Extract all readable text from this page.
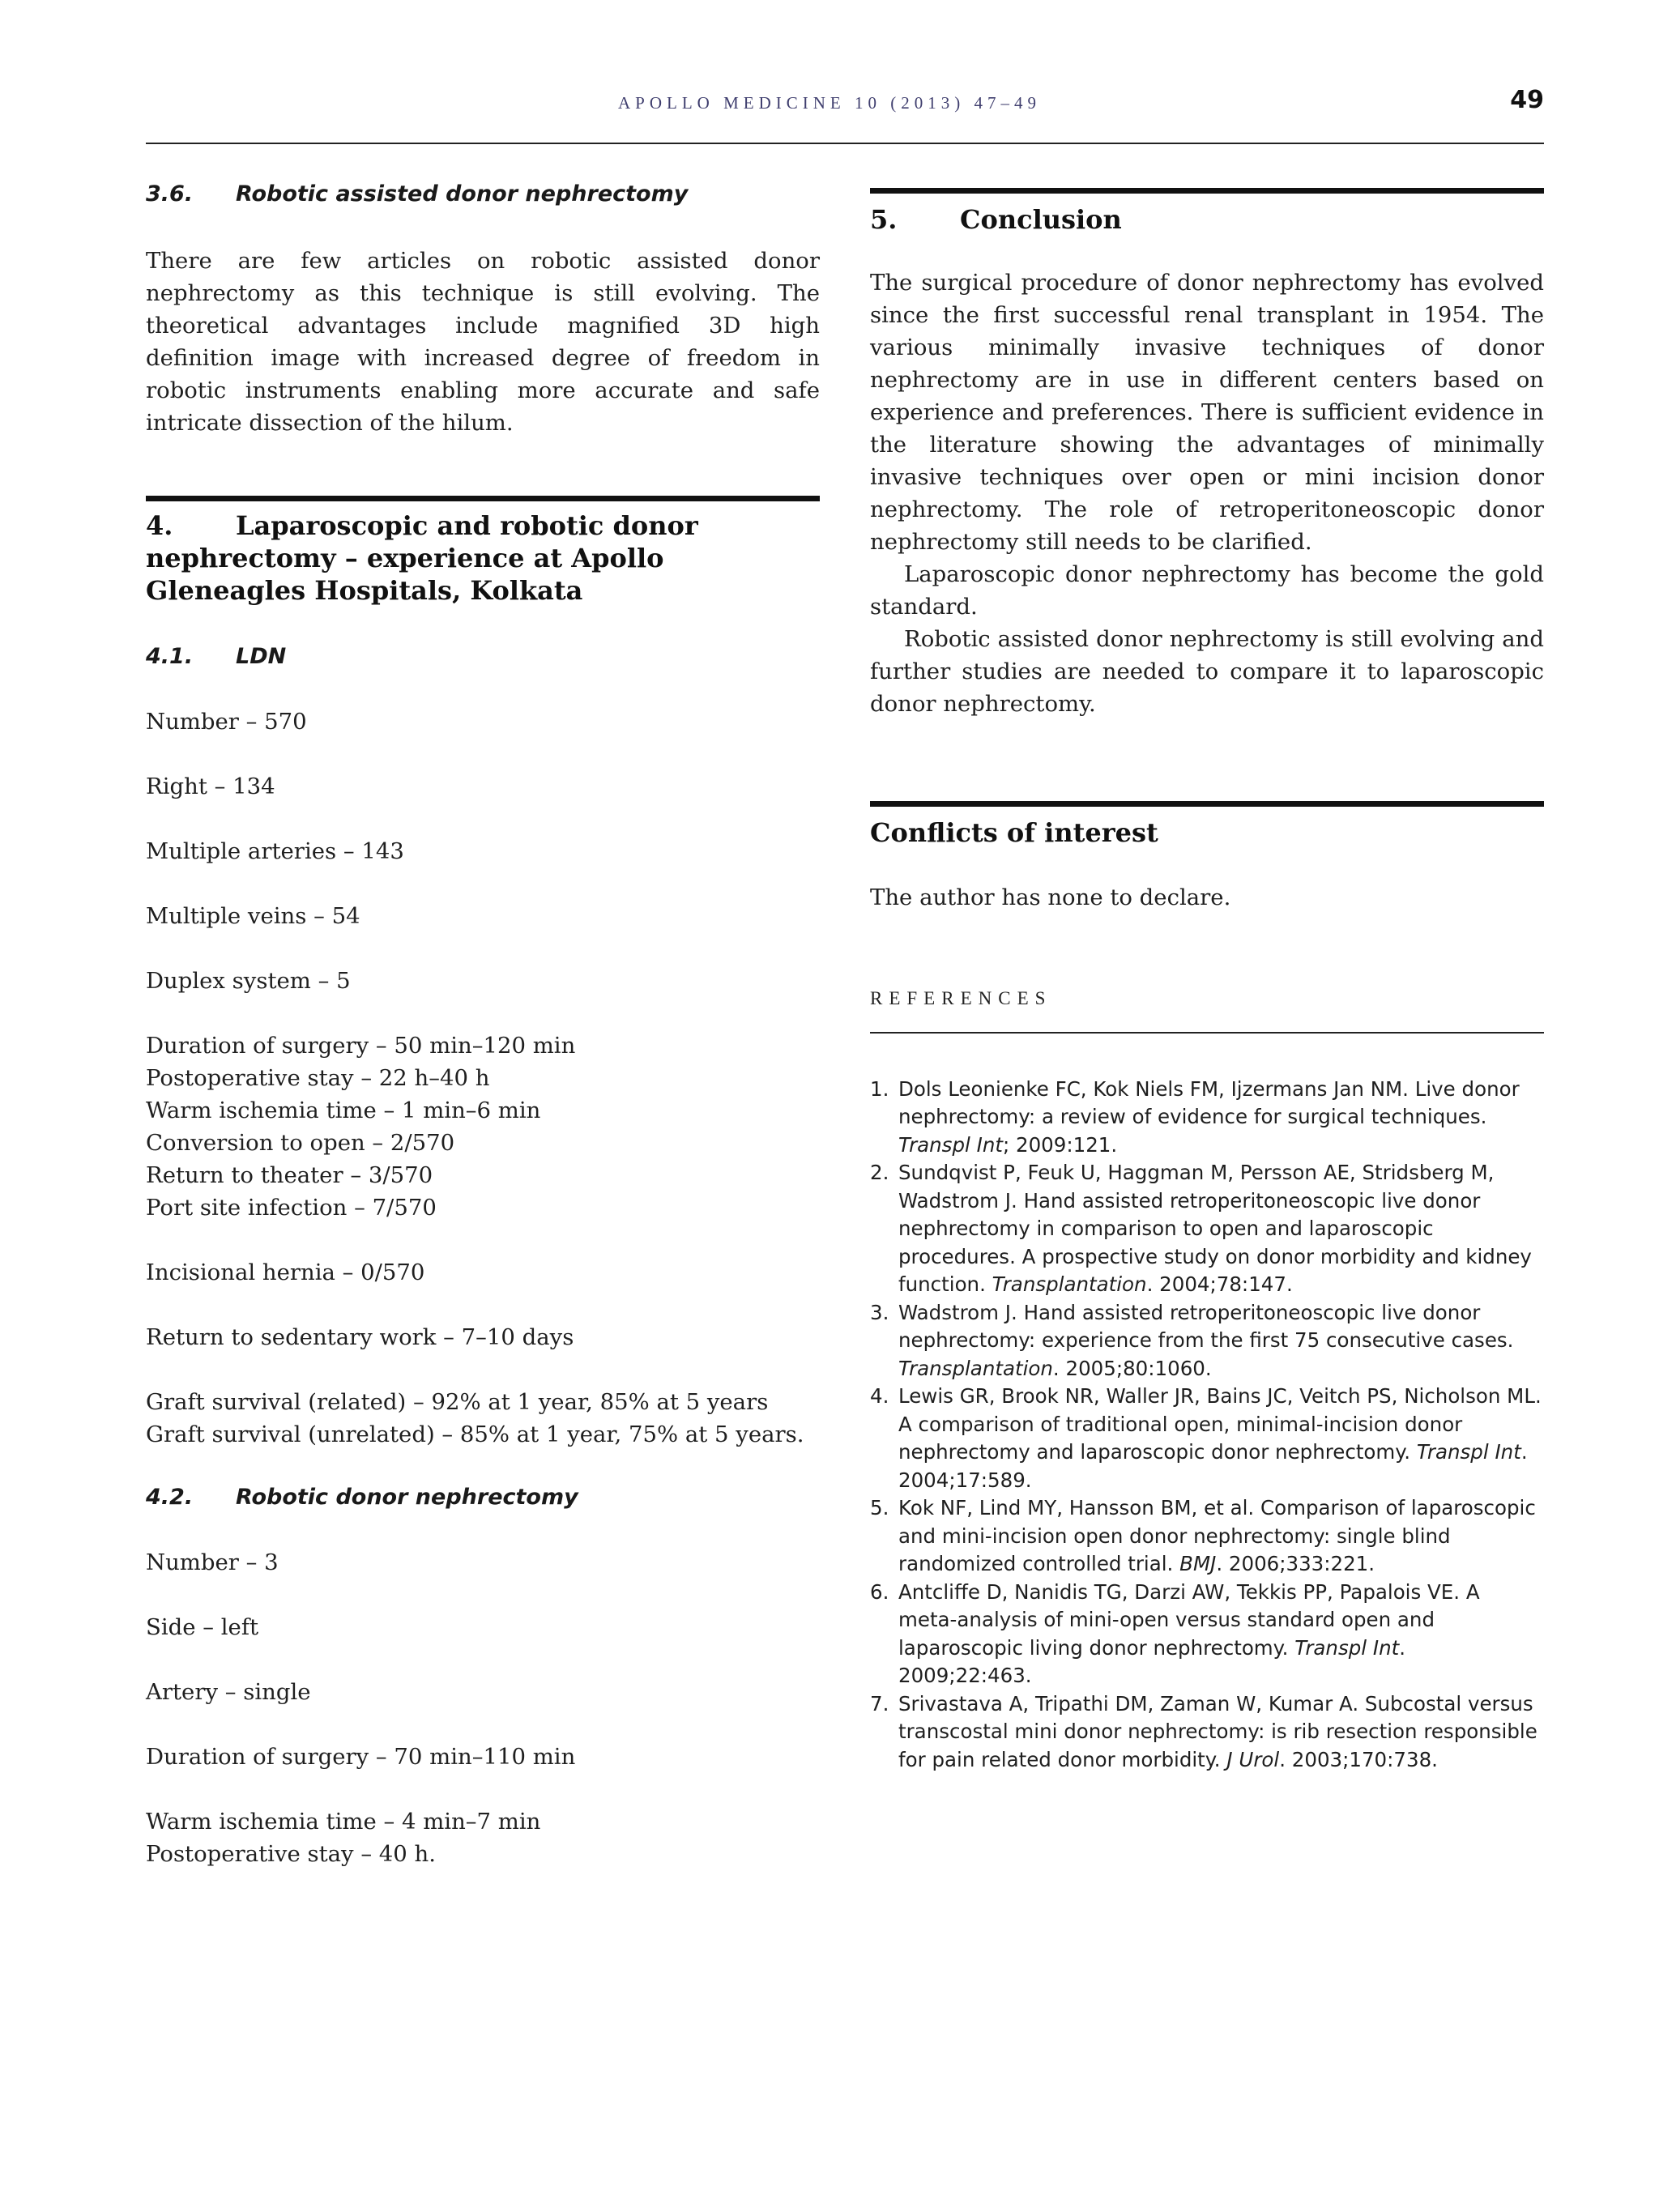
APOLLO MEDICINE 10 (2013) 47–49	49
3.6. Robotic assisted donor nephrectomy

There are few articles on robotic assisted donor nephrectomy as this technique is still evolving. The theoretical advantages include magnified 3D high definition image with increased degree of freedom in robotic instruments enabling more accurate and safe intricate dissection of the hilum.

4. Laparoscopic and robotic donor nephrectomy – experience at Apollo Gleneagles Hospitals, Kolkata
4.1. LDN

Number – 570

Right – 134

Multiple arteries – 143

Multiple veins – 54

Duplex system – 5

Duration of surgery – 50 min–120 min

Postoperative stay – 22 h–40 h

Warm ischemia time – 1 min–6 min

Conversion to open – 2/570

Return to theater – 3/570

Port site infection – 7/570

Incisional hernia – 0/570

Return to sedentary work – 7–10 days

Graft survival (related) – 92% at 1 year, 85% at 5 years

Graft survival (unrelated) – 85% at 1 year, 75% at 5 years.

4.2. Robotic donor nephrectomy

Number – 3

Side – left

Artery – single

Duration of surgery – 70 min–110 min

Warm ischemia time – 4 min–7 min

Postoperative stay – 40 h.

5. Conclusion

The surgical procedure of donor nephrectomy has evolved since the first successful renal transplant in 1954. The various minimally invasive techniques of donor nephrectomy are in use in different centers based on experience and preferences. There is sufficient evidence in the literature showing the advantages of minimally invasive techniques over open or mini incision donor nephrectomy. The role of retroperitoneoscopic donor nephrectomy still needs to be clarified.

Laparoscopic donor nephrectomy has become the gold standard.

Robotic assisted donor nephrectomy is still evolving and further studies are needed to compare it to laparoscopic donor nephrectomy.

Conflicts of interest

The author has none to declare.

REFERENCES

1. Dols Leonienke FC, Kok Niels FM, Ijzermans Jan NM. Live donor nephrectomy: a review of evidence for surgical techniques. Transpl Int; 2009:121.
2. Sundqvist P, Feuk U, Haggman M, Persson AE, Stridsberg M, Wadstrom J. Hand assisted retroperitoneoscopic live donor nephrectomy in comparison to open and laparoscopic procedures. A prospective study on donor morbidity and kidney function. Transplantation. 2004;78:147.
3. Wadstrom J. Hand assisted retroperitoneoscopic live donor nephrectomy: experience from the first 75 consecutive cases. Transplantation. 2005;80:1060.
4. Lewis GR, Brook NR, Waller JR, Bains JC, Veitch PS, Nicholson ML. A comparison of traditional open, minimal-incision donor nephrectomy and laparoscopic donor nephrectomy. Transpl Int. 2004;17:589.
5. Kok NF, Lind MY, Hansson BM, et al. Comparison of laparoscopic and mini-incision open donor nephrectomy: single blind randomized controlled trial. BMJ. 2006;333:221.
6. Antcliffe D, Nanidis TG, Darzi AW, Tekkis PP, Papalois VE. A meta-analysis of mini-open versus standard open and laparoscopic living donor nephrectomy. Transpl Int. 2009;22:463.
7. Srivastava A, Tripathi DM, Zaman W, Kumar A. Subcostal versus transcostal mini donor nephrectomy: is rib resection responsible for pain related donor morbidity. J Urol. 2003;170:738.
